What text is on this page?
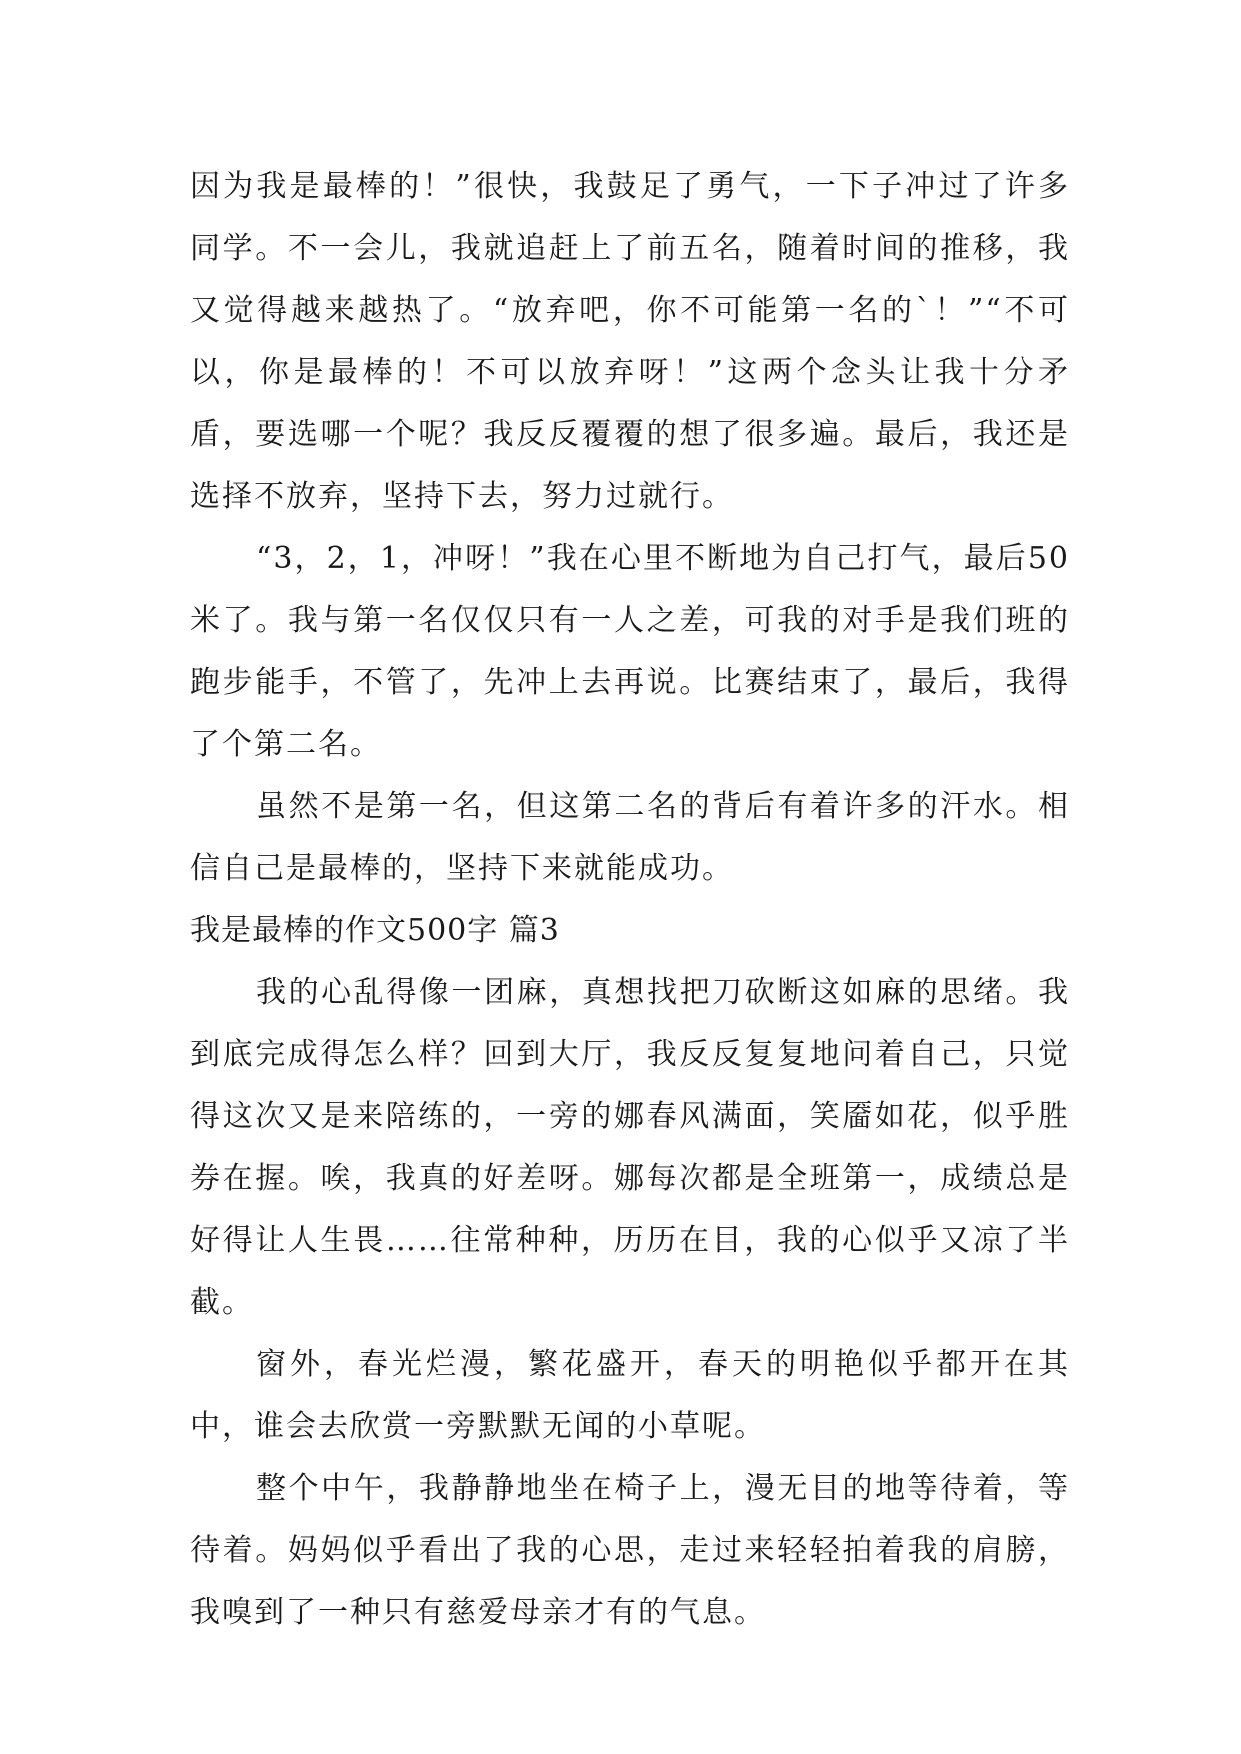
因为我是最棒的！”很快，我鼓足了勇气，一下子冲过了许多同学。不一会儿，我就追赶上了前五名，随着时间的推移，我又觉得越来越热了。“放弃吧，你不可能第一名的`！”“不可以，你是最棒的！不可以放弃呀！”这两个念头让我十分矛盾，要选哪一个呢？我反反覆覆的想了很多遍。最后，我还是选择不放弃，坚持下去，努力过就行。

“3，2，1，冲呀！”我在心里不断地为自己打气，最后50米了。我与第一名仅仅只有一人之差，可我的对手是我们班的跑步能手，不管了，先冲上去再说。比赛结束了，最后，我得了个第二名。

虽然不是第一名，但这第二名的背后有着许多的汗水。相信自己是最棒的，坚持下来就能成功。

我是最棒的作文500字 篇3

我的心乱得像一团麻，真想找把刀砍断这如麻的思绪。我到底完成得怎么样？回到大厅，我反反复复地问着自己，只觉得这次又是来陪练的，一旁的娜春风满面，笑靥如花，似乎胜券在握。唉，我真的好差呀。娜每次都是全班第一，成绩总是好得让人生畏……往常种种，历历在目，我的心似乎又凉了半截。

窗外，春光烂漫，繁花盛开，春天的明艳似乎都开在其中，谁会去欣赏一旁默默无闻的小草呢。

整个中午，我静静地坐在椅子上，漫无目的地等待着，等待着。妈妈似乎看出了我的心思，走过来轻轻拍着我的肩膀，我嗅到了一种只有慈爱母亲才有的气息。
